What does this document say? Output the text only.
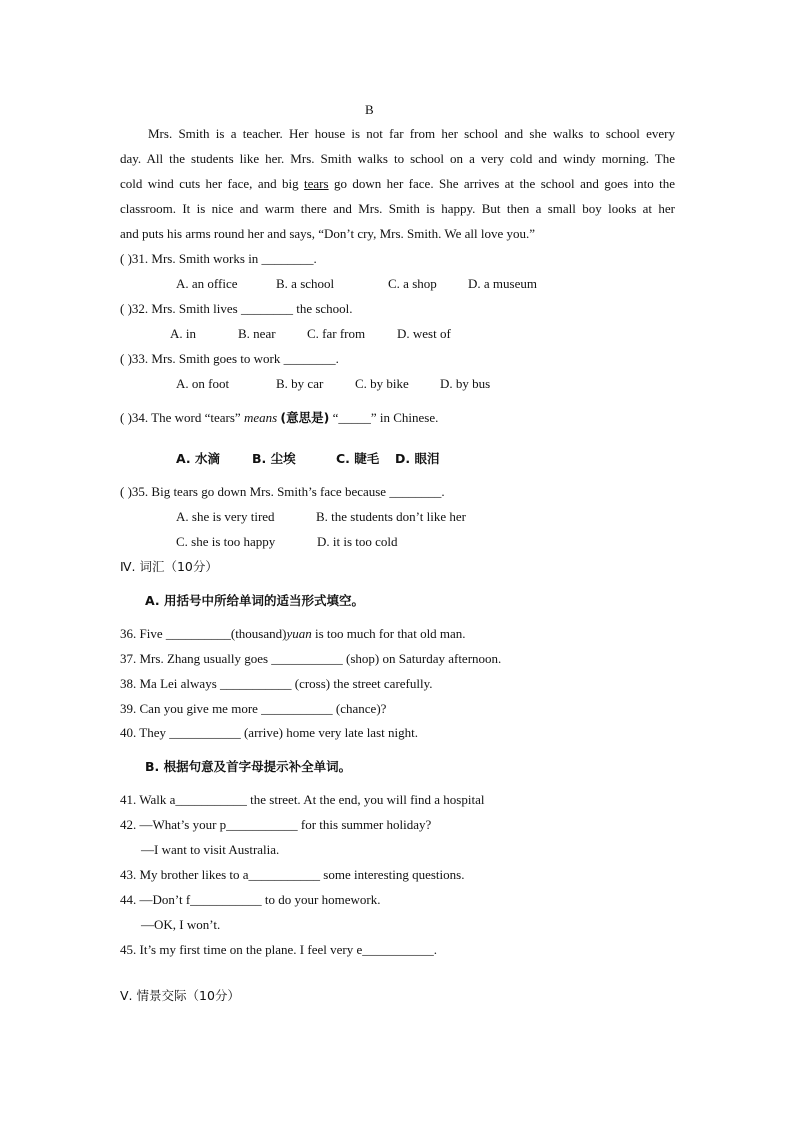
B
Mrs. Smith is a teacher. Her house is not far from her school and she walks to school every
day. All the students like her. Mrs. Smith walks to school on a very cold and windy morning. The
cold wind cuts her face, and big tears go down her face. She arrives at the school and goes into the
classroom. It is nice and warm there and Mrs. Smith is happy. But then a small boy looks at her
and puts his arms round her and says, “Don’t cry, Mrs. Smith. We all love you.”
( )31. Mrs. Smith works in ________.
A. an office	B. a school	C. a shop D. a museum
( )32. Mrs. Smith lives ________ the school.
A. in	B. near C. far from D. west of
( )33. Mrs. Smith goes to work ________.
A. on foot	B. by car C. by bike D. by bus
( )34. The word “tears” means (意思是) “_____” in Chinese.
A. 水滴	B. 尘埃	C. 睫毛 D. 眼泪
( )35. Big tears go down Mrs. Smith’s face because ________.
A. she is very tired	B. the students don’t like her
C. she is too happy	D. it is too cold
Ⅳ. 词汇（10分）
A. 用括号中所给单词的适当形式填空。
36. Five __________(thousand)yuan is too much for that old man.
37. Mrs. Zhang usually goes ___________ (shop) on Saturday afternoon.
38. Ma Lei always ___________ (cross) the street carefully.
39. Can you give me more ___________ (chance)?
40. They ___________ (arrive) home very late last night.
B. 根据句意及首字母提示补全单词。
41. Walk a___________ the street. At the end, you will find a hospital
42. —What’s your p___________ for this summer holiday?
—I want to visit Australia.
43. My brother likes to a___________ some interesting questions.
44. —Don’t f___________ to do your homework.
—OK, I won’t.
45. It’s my first time on the plane. I feel very e___________.
Ⅴ. 情景交际（10分）
